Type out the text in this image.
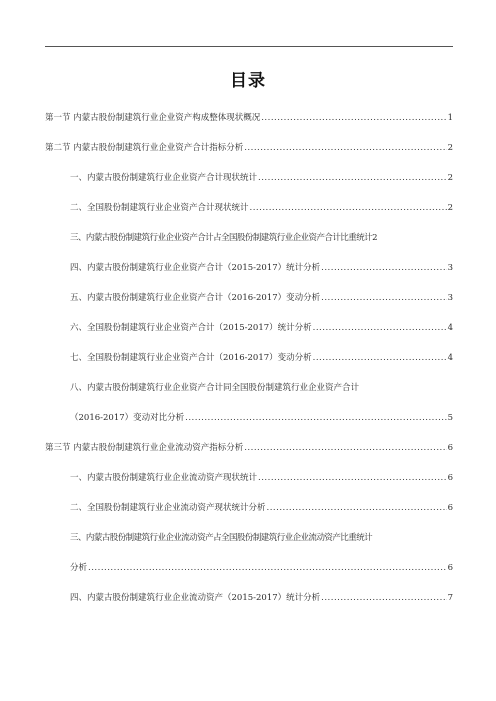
目录
第一节 内蒙古股份制建筑行业企业资产构成整体现状概况 .....	1
第二节 内蒙古股份制建筑行业企业资产合计指标分析 .....	2
一、内蒙古股份制建筑行业企业资产合计现状统计 .....	2
二、全国股份制建筑行业企业资产合计现状统计 .....	2
三、内蒙古股份制建筑行业企业资产合计占全国股份制建筑行业企业资产合计比重统计 2
四、内蒙古股份制建筑行业企业资产合计（2015-2017）统计分析 .....	3
五、内蒙古股份制建筑行业企业资产合计（2016-2017）变动分析 .....	3
六、全国股份制建筑行业企业资产合计（2015-2017）统计分析 .....	4
七、全国股份制建筑行业企业资产合计（2016-2017）变动分析 .....	4
八、内蒙古股份制建筑行业企业资产合计同全国股份制建筑行业企业资产合计
（2016-2017）变动对比分析 .....	5
第三节 内蒙古股份制建筑行业企业流动资产指标分析 .....	6
一、内蒙古股份制建筑行业企业流动资产现状统计 .....	6
二、全国股份制建筑行业企业流动资产现状统计分析 .....	6
三、内蒙古股份制建筑行业企业流动资产占全国股份制建筑行业企业流动资产比重统计
分析 .....	6
四、内蒙古股份制建筑行业企业流动资产（2015-2017）统计分析 .....	7
